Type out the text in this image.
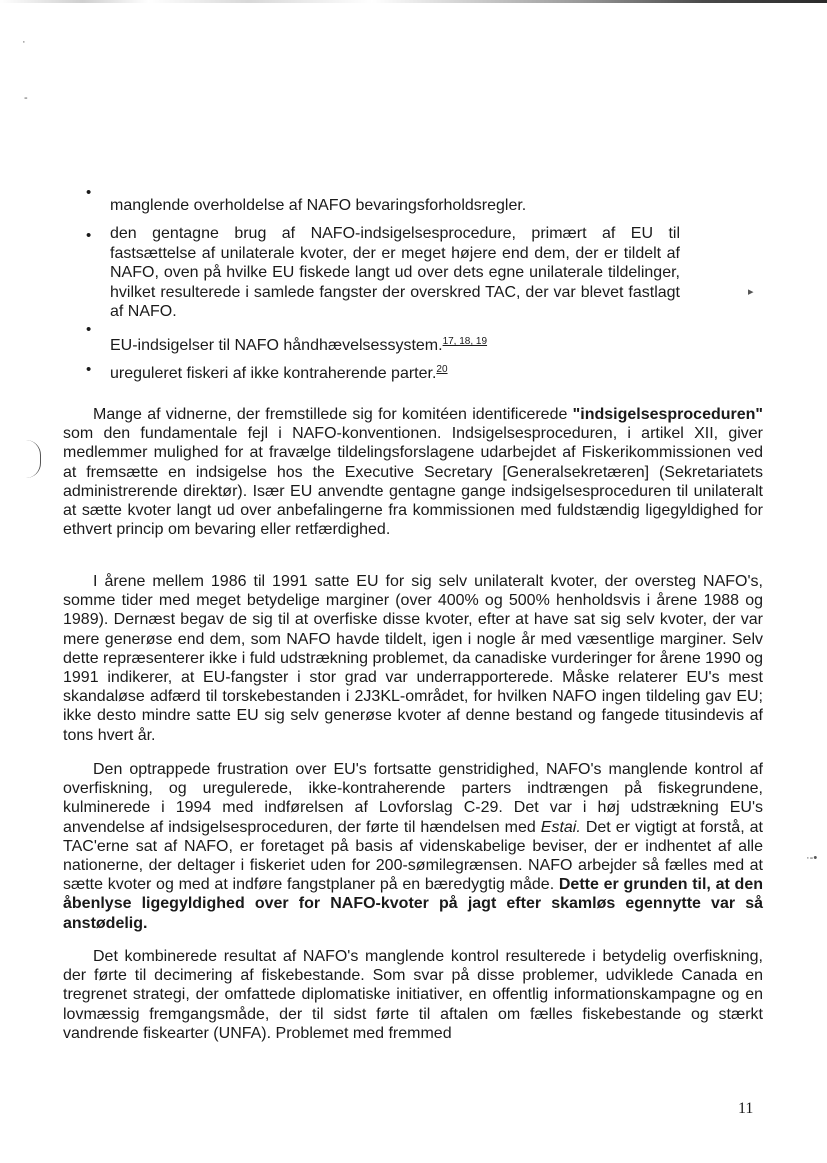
·
-
▸
·-•
•
manglende overholdelse af NAFO bevaringsforholdsregler.
• den gentagne brug af NAFO-indsigelsesprocedure, primært af EU til fastsættelse af unilaterale kvoter, der er meget højere end dem, der er tildelt af NAFO, oven på hvilke EU fiskede langt ud over dets egne unilaterale tildelinger, hvilket resulterede i samlede fangster der overskred TAC, der var blevet fastlagt af NAFO.
•
EU-indsigelser til NAFO håndhævelsessystem.$^{17, 18, 19}$
• ureguleret fiskeri af ikke kontraherende parter.$^{20}$
Mange af vidnerne, der fremstillede sig for komitéen identificerede "indsigelsesproceduren" som den fundamentale fejl i NAFO-konventionen. Indsigelsesproceduren, i artikel XII, giver medlemmer mulighed for at fravælge tildelingsforslagene udarbejdet af Fiskerikommissionen ved at fremsætte en indsigelse hos the Executive Secretary [Generalsekretæren] (Sekretariatets administrerende direktør). Især EU anvendte gentagne gange indsigelsesproceduren til unilateralt at sætte kvoter langt ud over anbefalingerne fra kommissionen med fuldstændig ligegyldighed for ethvert princip om bevaring eller retfærdighed.
I årene mellem 1986 til 1991 satte EU for sig selv unilateralt kvoter, der oversteg NAFO's, somme tider med meget betydelige marginer (over 400% og 500% henholdsvis i årene 1988 og 1989). Dernæst begav de sig til at overfiske disse kvoter, efter at have sat sig selv kvoter, der var mere generøse end dem, som NAFO havde tildelt, igen i nogle år med væsentlige marginer. Selv dette repræsenterer ikke i fuld udstrækning problemet, da canadiske vurderinger for årene 1990 og 1991 indikerer, at EU-fangster i stor grad var underrapporterede. Måske relaterer EU's mest skandaløse adfærd til torskebestanden i 2J3KL-området, for hvilken NAFO ingen tildeling gav EU; ikke desto mindre satte EU sig selv generøse kvoter af denne bestand og fangede titusindevis af tons hvert år.
Den optrappede frustration over EU's fortsatte genstridighed, NAFO's manglende kontrol af overfiskning, og uregulerede, ikke-kontraherende parters indtrængen på fiskegrundene, kulminerede i 1994 med indførelsen af Lovforslag C-29. Det var i høj udstrækning EU's anvendelse af indsigelsesproceduren, der førte til hændelsen med Estai. Det er vigtigt at forstå, at TAC'erne sat af NAFO, er foretaget på basis af videnskabelige beviser, der er indhentet af alle nationerne, der deltager i fiskeriet uden for 200-sømilegrænsen. NAFO arbejder så fælles med at sætte kvoter og med at indføre fangstplaner på en bæredygtig måde. Dette er grunden til, at den åbenlyse ligegyldighed over for NAFO-kvoter på jagt efter skamløs egennytte var så anstødelig.
Det kombinerede resultat af NAFO's manglende kontrol resulterede i betydelig overfiskning, der førte til decimering af fiskebestande. Som svar på disse problemer, udviklede Canada en tregrenet strategi, der omfattede diplomatiske initiativer, en offentlig informationskampagne og en lovmæssig fremgangsmåde, der til sidst førte til aftalen om fælles fiskebestande og stærkt vandrende fiskearter (UNFA). Problemet med fremmed
11
